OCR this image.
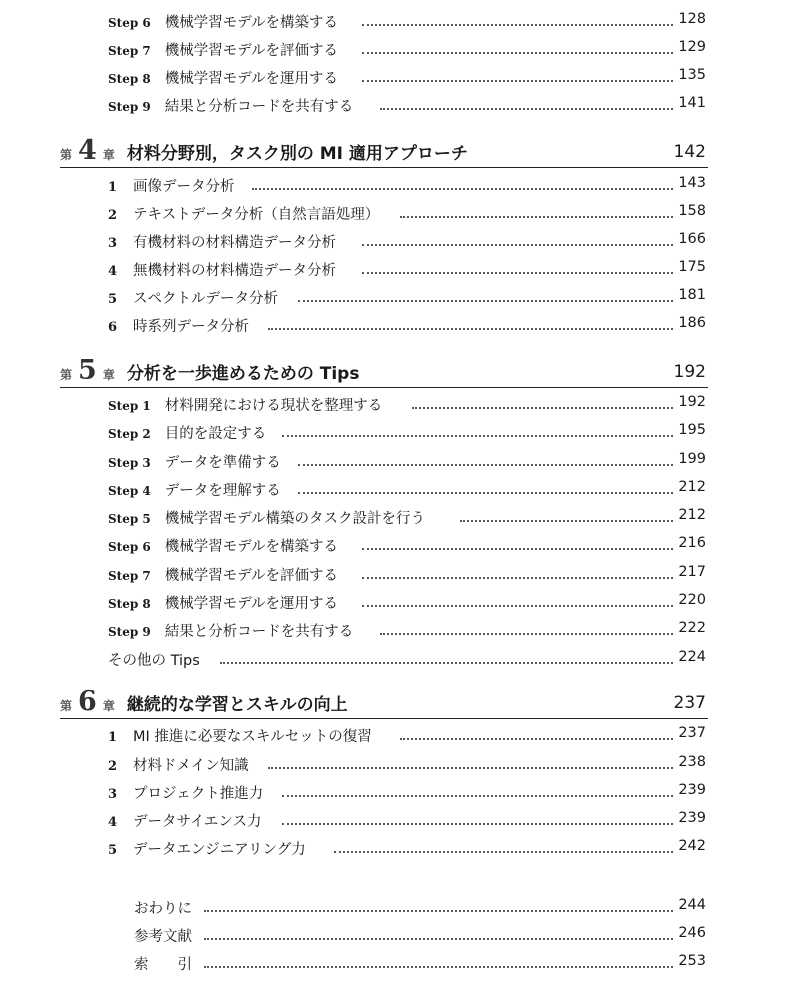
Step 6 機械学習モデルを構築する	128
Step 7 機械学習モデルを評価する	129
Step 8 機械学習モデルを運用する	135
Step 9 結果と分析コードを共有する	141
第 4 章 材料分野別，タスク別の MI 適用アプローチ	142
1 画像データ分析	143
2 テキストデータ分析（自然言語処理）	158
3 有機材料の材料構造データ分析	166
4 無機材料の材料構造データ分析	175
5 スペクトルデータ分析	181
6 時系列データ分析	186
第 5 章 分析を一歩進めるための Tips	192
Step 1 材料開発における現状を整理する	192
Step 2 目的を設定する	195
Step 3 データを準備する	199
Step 4 データを理解する	212
Step 5 機械学習モデル構築のタスク設計を行う	212
Step 6 機械学習モデルを構築する	216
Step 7 機械学習モデルを評価する	217
Step 8 機械学習モデルを運用する	220
Step 9 結果と分析コードを共有する	222
その他の Tips	224
第 6 章 継続的な学習とスキルの向上	237
1 MI 推進に必要なスキルセットの復習	237
2 材料ドメイン知識	238
3 プロジェクト推進力	239
4 データサイエンス力	239
5 データエンジニアリング力	242
おわりに	244
参考文献	246
索　　引	253
